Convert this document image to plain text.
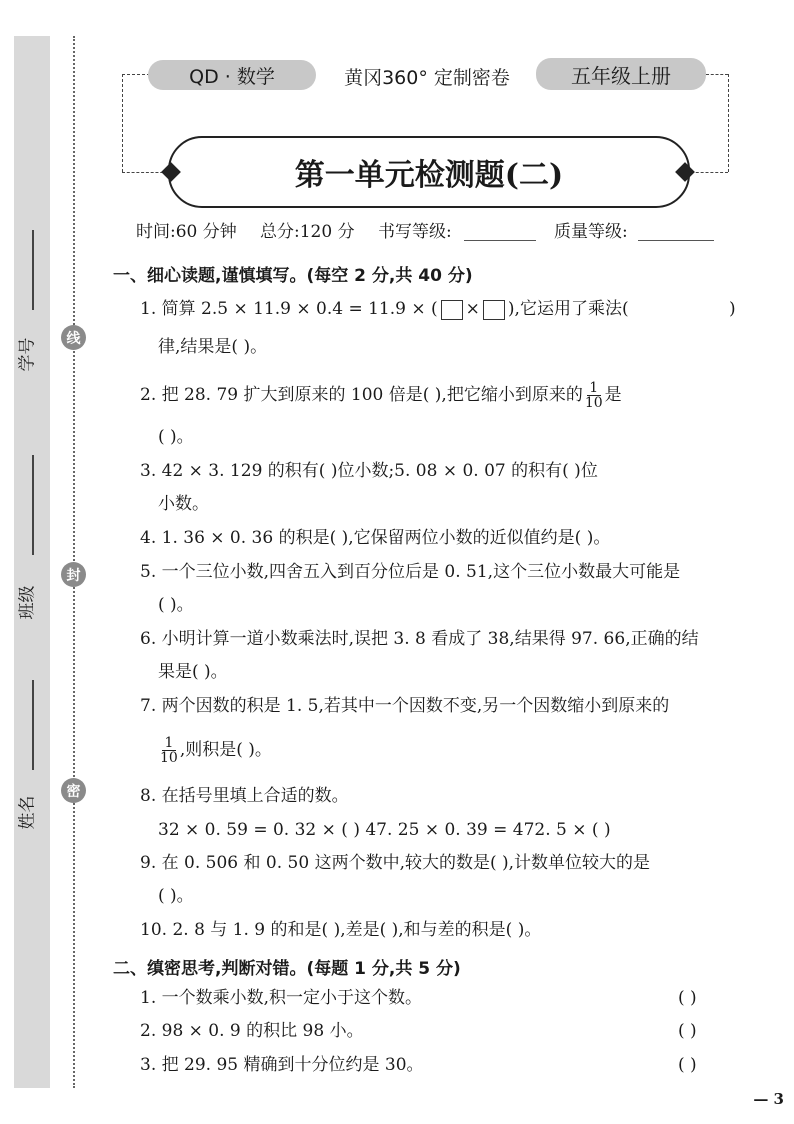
学号
班级
姓名
线
封
密
QD · 数学	黄冈360° 定制密卷	五年级上册
第一单元检测题(二)
时间:60 分钟 总分:120 分 书写等级:	质量等级:
一、细心读题,谨慎填写。(每空 2 分,共 40 分)
1. 简算 2.5 × 11.9 × 0.4 = 11.9 × ( × ),它运用了乘法(	)
律,结果是( )。
2. 把 28. 79 扩大到原来的 100 倍是( ),把它缩小到原来的 $\frac{1}{10}$ 是
( )。
3. 42 × 3. 129 的积有( )位小数;5. 08 × 0. 07 的积有( )位
小数。
4. 1. 36 × 0. 36 的积是( ),它保留两位小数的近似值约是( )。
5. 一个三位小数,四舍五入到百分位后是 0. 51,这个三位小数最大可能是
( )。
6. 小明计算一道小数乘法时,误把 3. 8 看成了 38,结果得 97. 66,正确的结
果是( )。
7. 两个因数的积是 1. 5,若其中一个因数不变,另一个因数缩小到原来的
$\frac{1}{10}$ ,则积是( )。
8. 在括号里填上合适的数。
32 × 0. 59 = 0. 32 × ( ) 47. 25 × 0. 39 = 472. 5 × ( )
9. 在 0. 506 和 0. 50 这两个数中,较大的数是( ),计数单位较大的是
( )。
10. 2. 8 与 1. 9 的和是( ),差是( ),和与差的积是( )。
二、缜密思考,判断对错。(每题 1 分,共 5 分)
1. 一个数乘小数,积一定小于这个数。	( )
2. 98 × 0. 9 的积比 98 小。	( )
3. 把 29. 95 精确到十分位约是 30。	( )
— 3
